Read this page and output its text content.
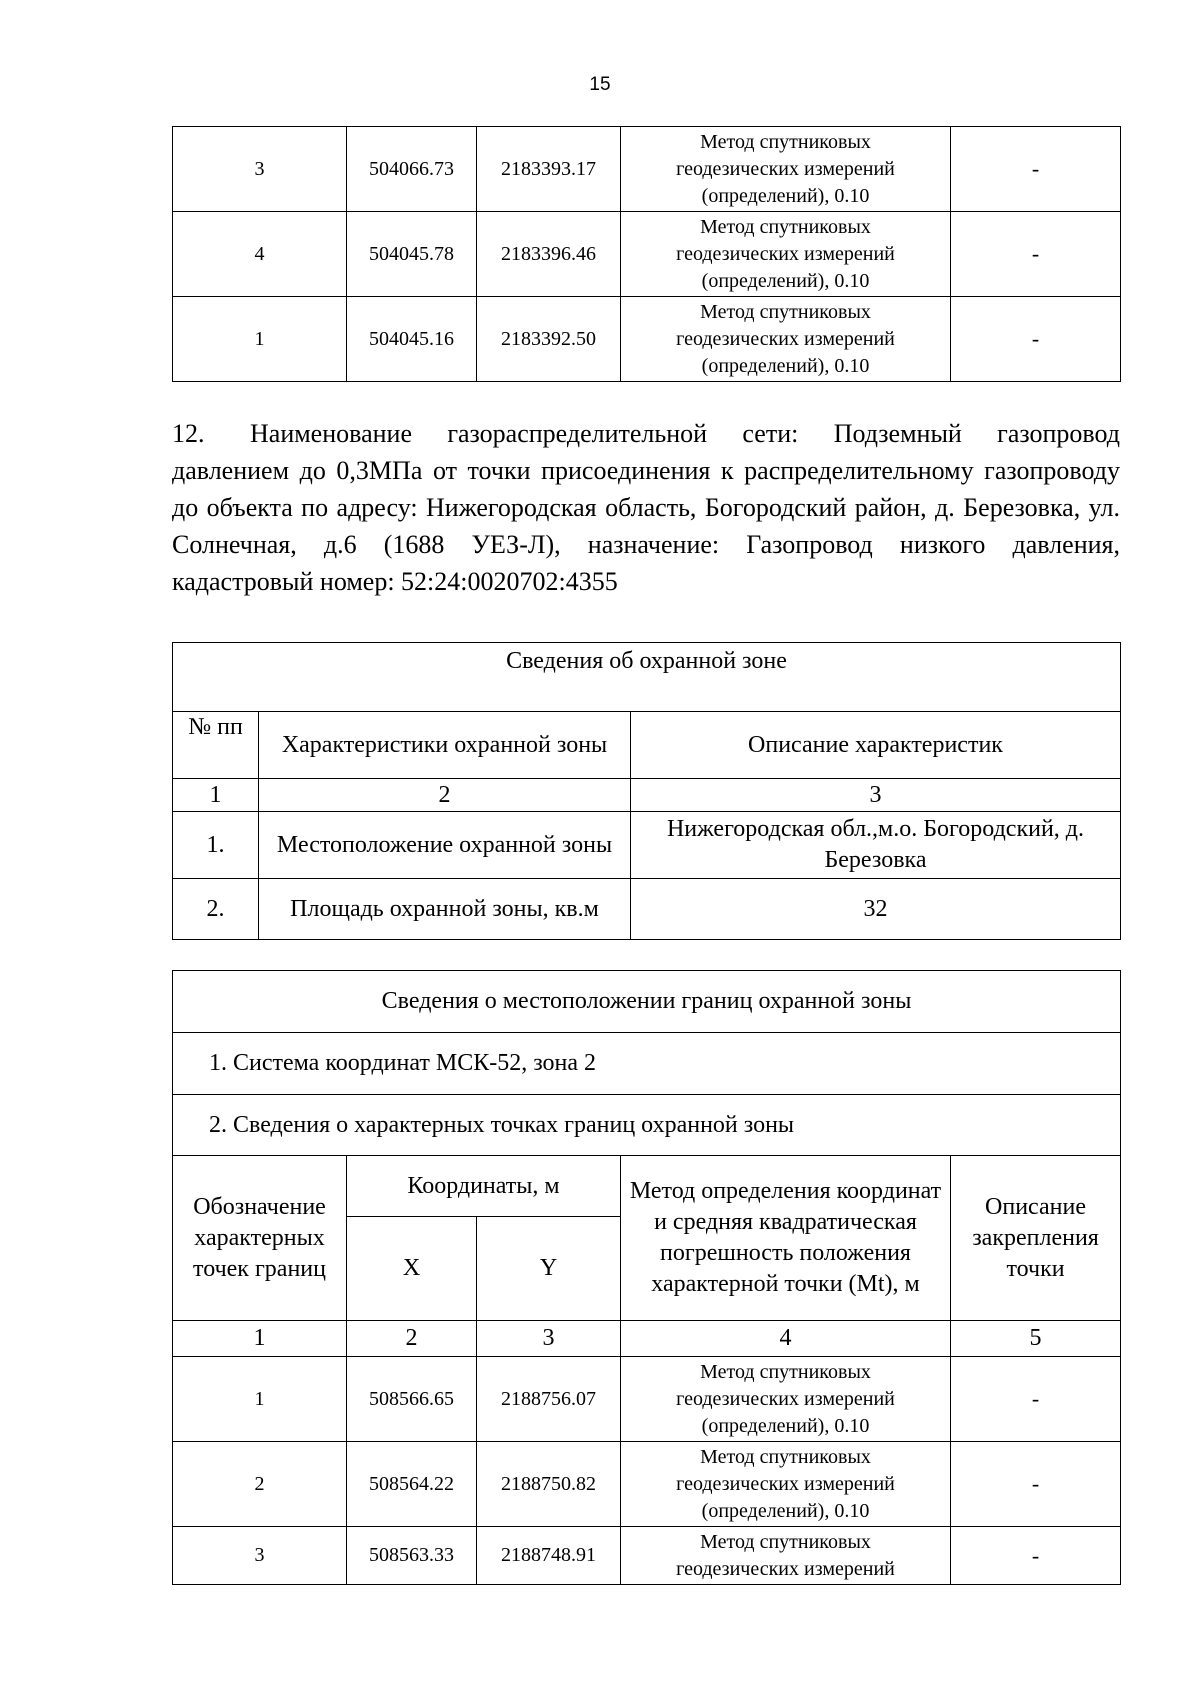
15
3	504066.73	2183393.17	Метод спутниковых
геодезических измерений
(определений), 0.10	-
4	504045.78	2183396.46	Метод спутниковых
геодезических измерений
(определений), 0.10	-
1	504045.16	2183392.50	Метод спутниковых
геодезических измерений
(определений), 0.10	-
12. Наименование газораспределительной сети: Подземный газопровод давлением до 0,3МПа от точки присоединения к распределительному газопроводу до объекта по адресу: Нижегородская область, Богородский район, д. Березовка, ул. Солнечная, д.6 (1688 УЕЗ-Л), назначение: Газопровод низкого давления, кадастровый номер: 52:24:0020702:4355
Сведения об охранной зоне		
№ пп	Характеристики охранной зоны	Описание характеристик
1	2	3
1.	Местоположение охранной зоны	Нижегородская обл.,м.о. Богородский, д. Березовка
2.	Площадь охранной зоны, кв.м	32
Сведения о местоположении границ охранной зоны				
1. Система координат МСК-52, зона 2				
2. Сведения о характерных точках границ охранной зоны				
Обозначение характерных точек границ	Координаты, м		Метод определения координат и средняя квадратическая погрешность положения характерной точки (Mt), м	Описание закрепления точки
	X	Y		
1	2	3	4	5
1	508566.65	2188756.07	Метод спутниковых
геодезических измерений
(определений), 0.10	-
2	508564.22	2188750.82	Метод спутниковых
геодезических измерений
(определений), 0.10	-
3	508563.33	2188748.91	Метод спутниковых
геодезических измерений	-
